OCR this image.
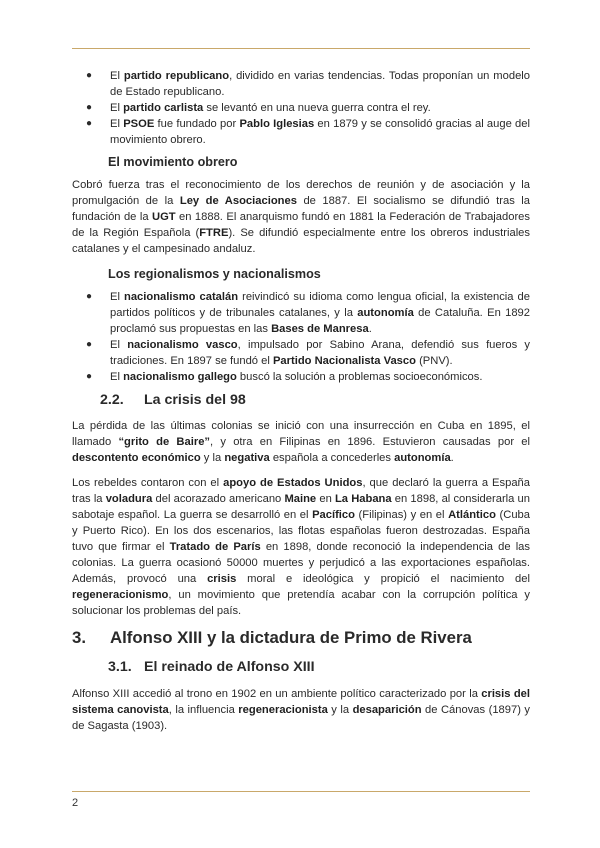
● El partido republicano, dividido en varias tendencias. Todas proponían un modelo de Estado republicano.
● El partido carlista se levantó en una nueva guerra contra el rey.
● El PSOE fue fundado por Pablo Iglesias en 1879 y se consolidó gracias al auge del movimiento obrero.
El movimiento obrero

Cobró fuerza tras el reconocimiento de los derechos de reunión y de asociación y la promulgación de la Ley de Asociaciones de 1887. El socialismo se difundió tras la fundación de la UGT en 1888. El anarquismo fundó en 1881 la Federación de Trabajadores de la Región Española (FTRE). Se difundió especialmente entre los obreros industriales catalanes y el campesinado andaluz.

Los regionalismos y nacionalismos
● El nacionalismo catalán reivindicó su idioma como lengua oficial, la existencia de partidos políticos y de tribunales catalanes, y la autonomía de Cataluña. En 1892 proclamó sus propuestas en las Bases de Manresa.
● El nacionalismo vasco, impulsado por Sabino Arana, defendió sus fueros y tradiciones. En 1897 se fundó el Partido Nacionalista Vasco (PNV).
● El nacionalismo gallego buscó la solución a problemas socioeconómicos.
2.2.	La crisis del 98

La pérdida de las últimas colonias se inició con una insurrección en Cuba en 1895, el llamado “grito de Baire”, y otra en Filipinas en 1896. Estuvieron causadas por el descontento económico y la negativa española a concederles autonomía.

Los rebeldes contaron con el apoyo de Estados Unidos, que declaró la guerra a España tras la voladura del acorazado americano Maine en La Habana en 1898, al considerarla un sabotaje español. La guerra se desarrolló en el Pacífico (Filipinas) y en el Atlántico (Cuba y Puerto Rico). En los dos escenarios, las flotas españolas fueron destrozadas. España tuvo que firmar el Tratado de París en 1898, donde reconoció la independencia de las colonias. La guerra ocasionó 50000 muertes y perjudicó a las exportaciones españolas. Además, provocó una crisis moral e ideológica y propició el nacimiento del regeneracionismo, un movimiento que pretendía acabar con la corrupción política y solucionar los problemas del país.

3.	Alfonso XIII y la dictadura de Primo de Rivera
3.1. El reinado de Alfonso XIII

Alfonso XIII accedió al trono en 1902 en un ambiente político caracterizado por la crisis del sistema canovista, la influencia regeneracionista y la desaparición de Cánovas (1897) y de Sagasta (1903).

2
